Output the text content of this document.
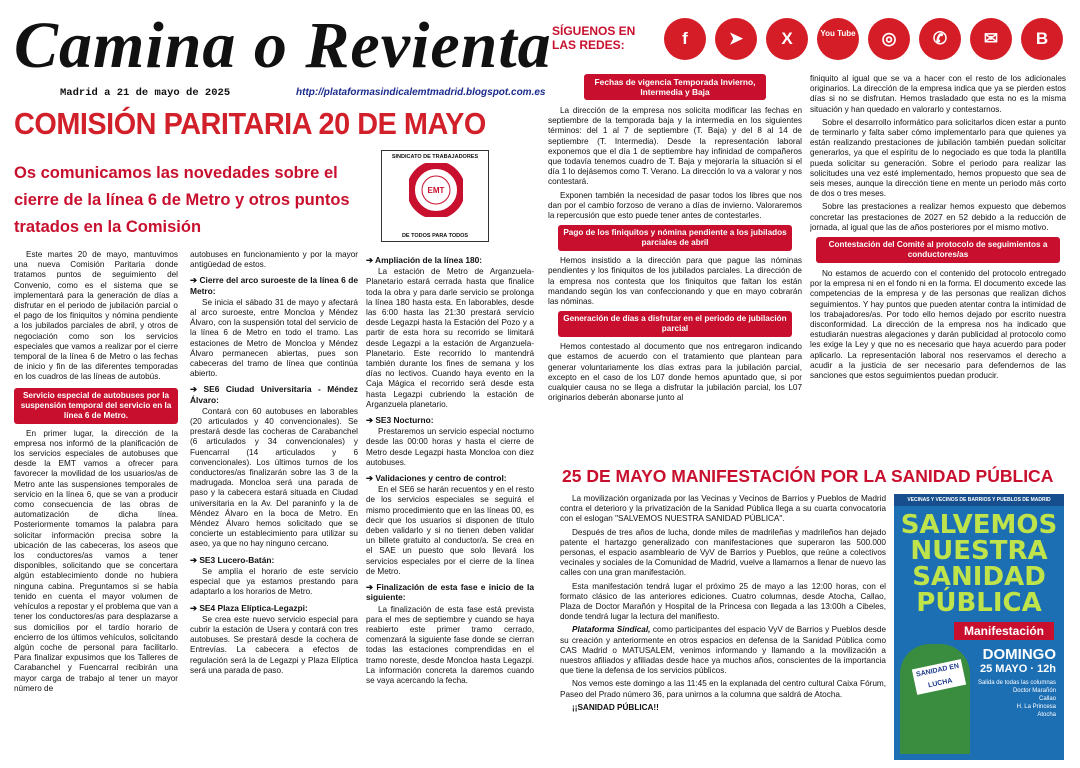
Camina o Revienta
Madrid a 21 de mayo de 2025	http://plataformasindicalemtmadrid.blogspot.com.es
COMISIÓN PARITARIA 20 DE MAYO
Os comunicamos las novedades sobre el cierre de la línea 6 de Metro y otros puntos tratados en la Comisión
SINDICATO DE TRABAJADORES
EMT
DE TODOS PARA TODOS

Este martes 20 de mayo, mantuvimos una nueva Comisión Paritaria donde tratamos puntos de seguimiento del Convenio, como es el sistema que se implementará para la generación de días a disfrutar en el periodo de jubilación parcial o el pago de los finiquitos y nómina pendiente a los jubilados parciales de abril, y otros de negociación como son los servicios especiales que vamos a realizar por el cierre temporal de la línea 6 de Metro o las fechas de inicio y fin de las diferentes temporadas en los cuadros de las líneas de autobús.

Servicio especial de autobuses por la suspensión temporal del servicio en la línea 6 de Metro.

En primer lugar, la dirección de la empresa nos informó de la planificación de los servicios especiales de autobuses que desde la EMT vamos a ofrecer para favorecer la movilidad de los usuarios/as de Metro ante las suspensiones temporales de servicio en la línea 6, que se van a producir como consecuencia de las obras de automatización de dicha línea. Posteriormente tomamos la palabra para solicitar información precisa sobre la ubicación de las cabeceras, los aseos que los conductores/as vamos a tener disponibles, solicitando que se concertara algún establecimiento donde no hubiera ninguna cabina. Preguntamos si se había tenido en cuenta el mayor volumen de vehículos a repostar y el problema que van a tener los conductores/as para desplazarse a sus domicilios por el tardío horario de encierro de los últimos vehículos, solicitando algún coche de personal para facilitarlo. Para finalizar expusimos que los Talleres de Carabanchel y Fuencarral recibirán una mayor carga de trabajo al tener un mayor número de

autobuses en funcionamiento y por la mayor antigüedad de estos.

➔ Cierre del arco suroeste de la línea 6 de Metro:

Se inicia el sábado 31 de mayo y afectará al arco suroeste, entre Moncloa y Méndez Álvaro, con la suspensión total del servicio de la línea 6 de Metro en todo el tramo. Las estaciones de Metro de Moncloa y Méndez Álvaro permanecen abiertas, pues son cabeceras del tramo de línea que continúa abierto.

➔ SE6 Ciudad Universitaria - Méndez Álvaro:

Contará con 60 autobuses en laborables (20 articulados y 40 convencionales). Se prestará desde las cocheras de Carabanchel (6 articulados y 34 convencionales) y Fuencarral (14 articulados y 6 convencionales). Los últimos turnos de los conductores/as finalizarán sobre las 3 de la madrugada. Moncloa será una parada de paso y la cabecera estará situada en Ciudad universitaria en la Av. Del paraninfo y la de Méndez Álvaro en la boca de Metro. En Méndez Álvaro hemos solicitado que se concierte un establecimiento para utilizar su aseo, ya que no hay ninguno cercano.

➔ SE3 Lucero-Batán:

Se amplía el horario de este servicio especial que ya estamos prestando para adaptarlo a los horarios de Metro.

➔ SE4 Plaza Elíptica-Legazpi:

Se crea este nuevo servicio especial para cubrir la estación de Usera y contará con tres autobuses. Se prestará desde la cochera de Entrevías. La cabecera a efectos de regulación será la de Legazpi y Plaza Elíptica será una parada de paso.

➔ Ampliación de la línea 180:

La estación de Metro de Arganzuela-Planetario estará cerrada hasta que finalice toda la obra y para darle servicio se prolonga la línea 180 hasta esta. En laborables, desde las 6:00 hasta las 21:30 prestará servicio desde Legazpi hasta la Estación del Pozo y a partir de esta hora su recorrido se limitará desde Legazpi a la estación de Arganzuela-Planetario. Este recorrido lo mantendrá también durante los fines de semana y los días no lectivos. Cuando haya evento en la Caja Mágica el recorrido será desde esta hasta Legazpi cubriendo la estación de Arganzuela planetario.

➔ SE3 Nocturno:

Prestaremos un servicio especial nocturno desde las 00:00 horas y hasta el cierre de Metro desde Legazpi hasta Moncloa con diez autobuses.

➔ Validaciones y centro de control:

En el SE6 se harán recuentos y en el resto de los servicios especiales se seguirá el mismo procedimiento que en las líneas 00, es decir que los usuarios si disponen de título deben validarlo y si no tienen deben validar un billete gratuito al conductor/a. Se crea en el SAE un puesto que solo llevará los servicios especiales por el cierre de la línea de Metro.

➔ Finalización de esta fase e inicio de la siguiente:

La finalización de esta fase está prevista para el mes de septiembre y cuando se haya reabierto este primer tramo cerrado, comenzará la siguiente fase donde se cierran todas las estaciones comprendidas en el tramo noreste, desde Moncloa hasta Legazpi. La información concreta la daremos cuando se vaya acercando la fecha.

SÍGUENOS EN
LAS REDES:	f	➤	X	You Tube	◎	✆	✉	B
Fechas de vigencia Temporada Invierno, Intermedia y Baja

La dirección de la empresa nos solicita modificar las fechas en septiembre de la temporada baja y la intermedia en los siguientes términos: del 1 al 7 de septiembre (T. Baja) y del 8 al 14 de septiembre (T. Intermedia). Desde la representación laboral exponemos que el día 1 de septiembre hay infinidad de compañeros que todavía tenemos cuadro de T. Baja y mejoraría la situación si el día 1 lo dejásemos como T. Verano. La dirección lo va a valorar y nos contestará.

Exponen también la necesidad de pasar todos los libres que nos dan por el cambio forzoso de verano a días de invierno. Valoraremos la repercusión que esto puede tener antes de contestarles.

Pago de los finiquitos y nómina pendiente a los jubilados parciales de abril

Hemos insistido a la dirección para que pague las nóminas pendientes y los finiquitos de los jubilados parciales. La dirección de la empresa nos contesta que los finiquitos que faltan los están mandando según los van confeccionando y que en mayo cobrarán las nóminas.

Generación de días a disfrutar en el periodo de jubilación parcial

Hemos contestado al documento que nos entregaron indicando que estamos de acuerdo con el tratamiento que plantean para generar voluntariamente los días extras para la jubilación parcial, excepto en el caso de los L07 donde hemos apuntado que, si por cualquier causa no se llega a disfrutar la jubilación parcial, los L07 originarios deberán abonarse junto al

finiquito al igual que se va a hacer con el resto de los adicionales originarios. La dirección de la empresa indica que ya se pierden estos días si no se disfrutan. Hemos trasladado que esta no es la misma situación y han quedado en valorarlo y contestarnos.

Sobre el desarrollo informático para solicitarlos dicen estar a punto de terminarlo y falta saber cómo implementarlo para que quienes ya están realizando prestaciones de jubilación también puedan solicitar generarlos, ya que el espíritu de lo negociado es que toda la plantilla pueda solicitar su generación. Sobre el periodo para realizar las solicitudes una vez esté implementado, hemos propuesto que sea de seis meses, aunque la dirección tiene en mente un periodo más corto de dos o tres meses.

Sobre las prestaciones a realizar hemos expuesto que debemos concretar las prestaciones de 2027 en 52 debido a la reducción de jornada, al igual que las de años posteriores por el mismo motivo.

Contestación del Comité al protocolo de seguimientos a conductores/as

No estamos de acuerdo con el contenido del protocolo entregado por la empresa ni en el fondo ni en la forma. El documento excede las competencias de la empresa y de las personas que realizan dichos seguimientos. Y hay puntos que pueden atentar contra la intimidad de los trabajadores/as. Por todo ello hemos dejado por escrito nuestra disconformidad. La dirección de la empresa nos ha indicado que estudiarán nuestras alegaciones y darán publicidad al protocolo como les exige la Ley y que no es necesario que haya acuerdo para poder aplicarlo. La representación laboral nos reservamos el derecho a acudir a la justicia de ser necesario para defendernos de las sanciones que estos seguimientos puedan producir.

25 DE MAYO MANIFESTACIÓN POR LA SANIDAD PÚBLICA

La movilización organizada por las Vecinas y Vecinos de Barrios y Pueblos de Madrid contra el deterioro y la privatización de la Sanidad Pública llega a su cuarta convocatoria con el eslogan "SALVEMOS NUESTRA SANIDAD PÚBLICA".

Después de tres años de lucha, donde miles de madrileñas y madrileños han dejado patente el hartazgo generalizado con manifestaciones que superaron las 500.000 personas, el espacio asambleario de VyV de Barrios y Pueblos, que reúne a colectivos vecinales y sociales de la Comunidad de Madrid, vuelve a llamarnos a llenar de nuevo las calles con una gran manifestación.

Esta manifestación tendrá lugar el próximo 25 de mayo a las 12:00 horas, con el formato clásico de las anteriores ediciones. Cuatro columnas, desde Atocha, Callao, Plaza de Doctor Marañón y Hospital de la Princesa con llegada a las 13:00h a Cibeles, donde tendrá lugar la lectura del manifiesto.

Plataforma Sindical, como participantes del espacio VyV de Barrios y Pueblos desde su creación y anteriormente en otros espacios en defensa de la Sanidad Pública como CAS Madrid o MATUSALEM, venimos informando y llamando a la movilización a nuestros afiliados y afiliadas desde hace ya muchos años, conscientes de la importancia que tiene la defensa de los servicios públicos.

Nos vemos este domingo a las 11:45 en la explanada del centro cultural Caixa Fórum, Paseo del Prado número 36, para unirnos a la columna que saldrá de Atocha.

¡¡SANIDAD PÚBLICA!!

VECINAS Y VECINOS DE BARRIOS Y PUEBLOS DE MADRID
SALVEMOS
NUESTRA
SANIDAD
PÚBLICA
Manifestación
DOMINGO
25 MAYO · 12h
Salida de todas las columnas
Doctor Marañón
Callao
H. La Princesa
Atocha
SANIDAD EN LUCHA
